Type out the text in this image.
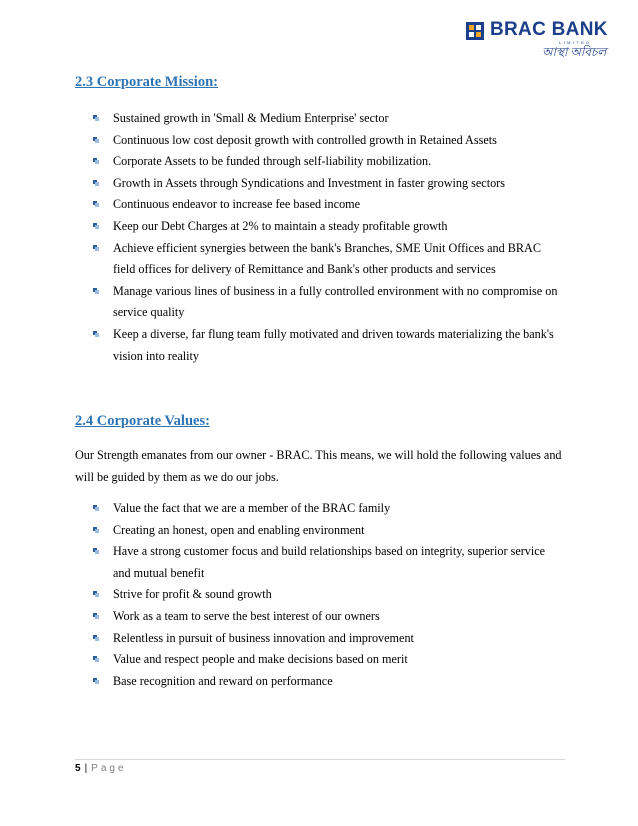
BRAC BANK
LIMITED
আস্থা অবিচল
2.3 Corporate Mission:
Sustained growth in 'Small & Medium Enterprise' sector
Continuous low cost deposit growth with controlled growth in Retained Assets
Corporate Assets to be funded through self-liability mobilization.
Growth in Assets through Syndications and Investment in faster growing sectors
Continuous endeavor to increase fee based income
Keep our Debt Charges at 2% to maintain a steady profitable growth
Achieve efficient synergies between the bank's Branches, SME Unit Offices and BRAC field offices for delivery of Remittance and Bank's other products and services
Manage various lines of business in a fully controlled environment with no compromise on service quality
Keep a diverse, far flung team fully motivated and driven towards materializing the bank's vision into reality
2.4 Corporate Values:
Our Strength emanates from our owner - BRAC. This means, we will hold the following values and will be guided by them as we do our jobs.
Value the fact that we are a member of the BRAC family
Creating an honest, open and enabling environment
Have a strong customer focus and build relationships based on integrity, superior service and mutual benefit
Strive for profit & sound growth
Work as a team to serve the best interest of our owners
Relentless in pursuit of business innovation and improvement
Value and respect people and make decisions based on merit
Base recognition and reward on performance
5 | Page
